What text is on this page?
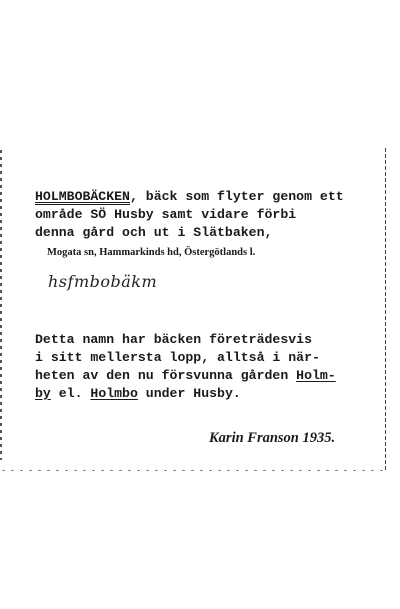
HOLMBOBÄCKEN, bäck som flyter genom ett
område SÖ Husby samt vidare förbi
denna gård och ut i Slätbaken,
Mogata sn, Hammarkinds hd, Östergötlands l.
hsfmbobäkm
Detta namn har bäcken företrädesvis
i sitt mellersta lopp, alltså i när-
heten av den nu försvunna gården Holm-
by el. Holmbo under Husby.
Karin Franson 1935.
